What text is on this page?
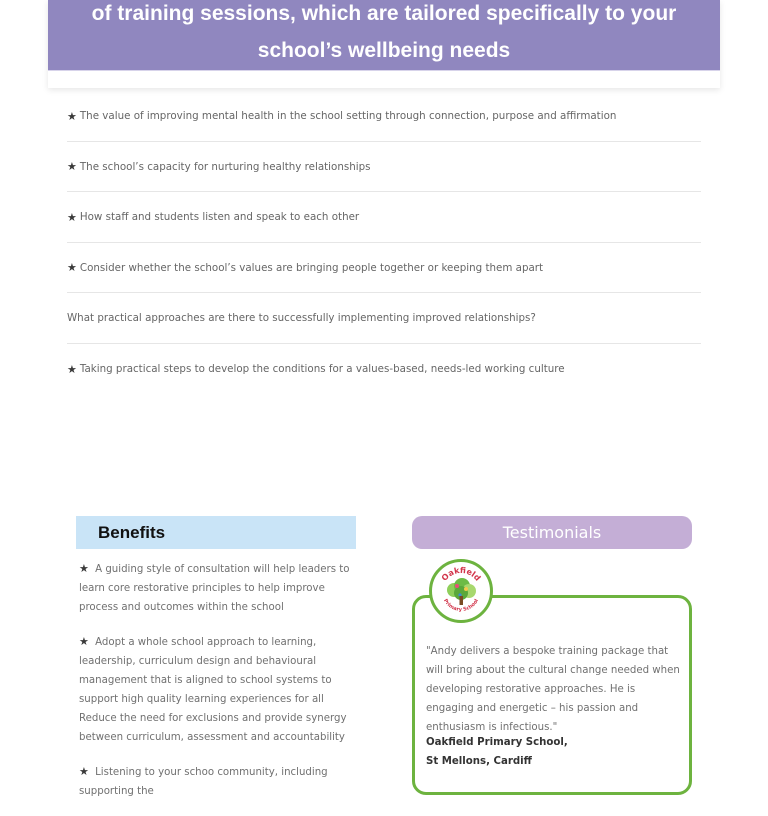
of training sessions, which are tailored specifically to your
school’s wellbeing needs
★ The value of improving mental health in the school setting through connection, purpose and affirmation
★ The school’s capacity for nurturing healthy relationships
★ How staff and students listen and speak to each other
★ Consider whether the school’s values are bringing people together or keeping them apart
What practical approaches are there to successfully implementing improved relationships?
★ Taking practical steps to develop the conditions for a values-based, needs-led working culture
Benefits

★ A guiding style of consultation will help leaders to learn core restorative principles to help improve process and outcomes within the school

★ Adopt a whole school approach to learning, leadership, curriculum design and behavioural management that is aligned to school systems to support high quality learning experiences for all
Reduce the need for exclusions and provide synergy between curriculum, assessment and accountability

★ Listening to your schoo community, including supporting the

Testimonials
Oakfield
Primary School
"Andy delivers a bespoke training package that will bring about the cultural change needed when developing restorative approaches. He is engaging and energetic – his passion and enthusiasm is infectious."
Oakfield Primary School,
St Mellons, Cardiff
